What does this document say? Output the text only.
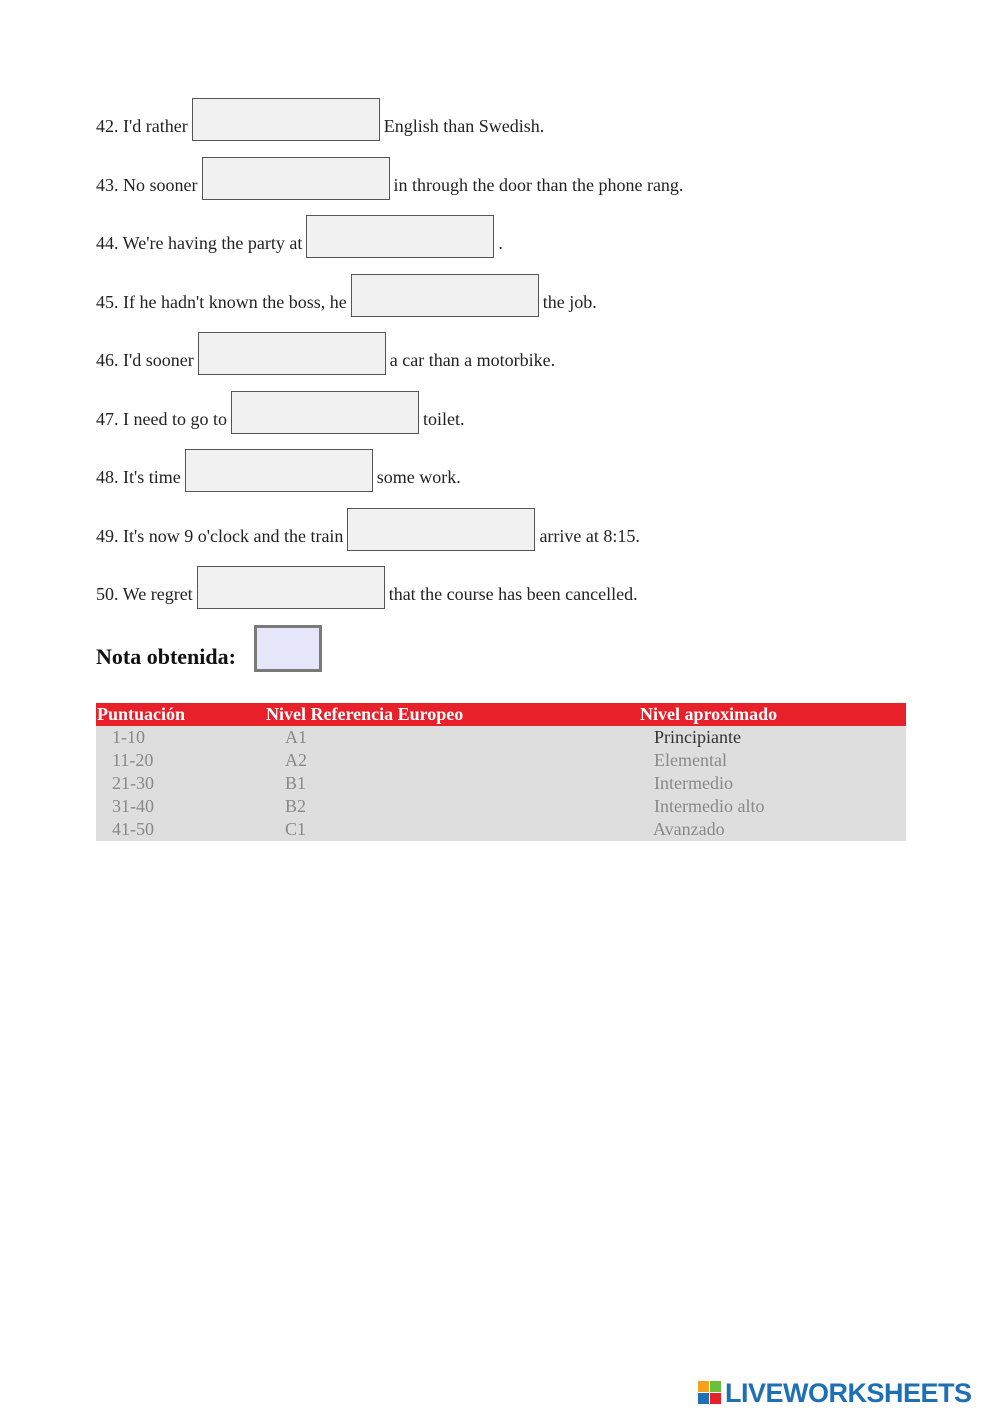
42. I'd rather	English than Swedish.
43. No sooner	in through the door than the phone rang.
44. We're having the party at	.
45. If he hadn't known the boss, he	the job.
46. I'd sooner	a car than a motorbike.
47. I need to go to	toilet.
48. It's time	some work.
49. It's now 9 o'clock and the train	arrive at 8:15.
50. We regret	that the course has been cancelled.
Nota obtenida:
Puntuación	Nivel Referencia Europeo	Nivel aproximado
1-10	A1	Principiante
11-20	A2	Elemental
21-30	B1	Intermedio
31-40	B2	Intermedio alto
41-50	C1	Avanzado
LIVEWORKSHEETS
